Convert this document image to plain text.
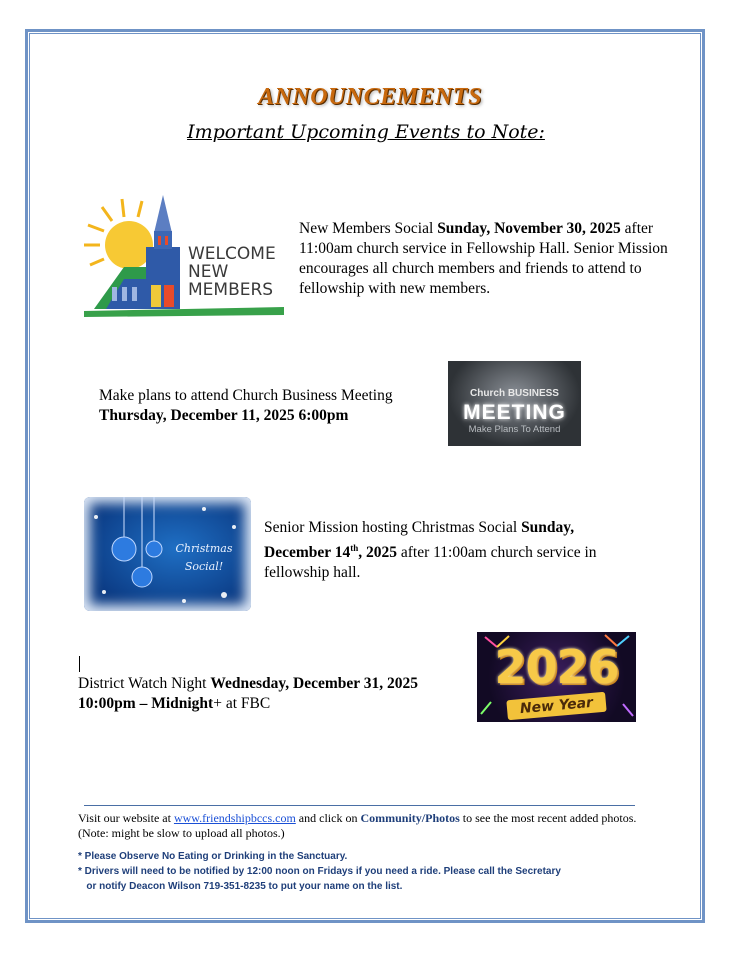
ANNOUNCEMENTS
Important Upcoming Events to Note:
WELCOME
NEW
MEMBERS
New Members Social Sunday, November 30, 2025 after 11:00am church service in Fellowship Hall. Senior Mission encourages all church members and friends to attend to fellowship with new members.
Make plans to attend Church Business Meeting Thursday, December 11, 2025 6:00pm
Church BUSINESS
MEETING
Make Plans To Attend
Christmas
Social!
Senior Mission hosting Christmas Social Sunday, December 14th, 2025 after 11:00am church service in fellowship hall.
District Watch Night Wednesday, December 31, 2025 10:00pm – Midnight+ at FBC
2026
New Year
Visit our website at www.friendshipbccs.com and click on Community/Photos to see the most recent added photos. (Note: might be slow to upload all photos.)
* Please Observe No Eating or Drinking in the Sanctuary.
* Drivers will need to be notified by 12:00 noon on Fridays if you need a ride. Please call the Secretary
or notify Deacon Wilson 719-351-8235 to put your name on the list.
